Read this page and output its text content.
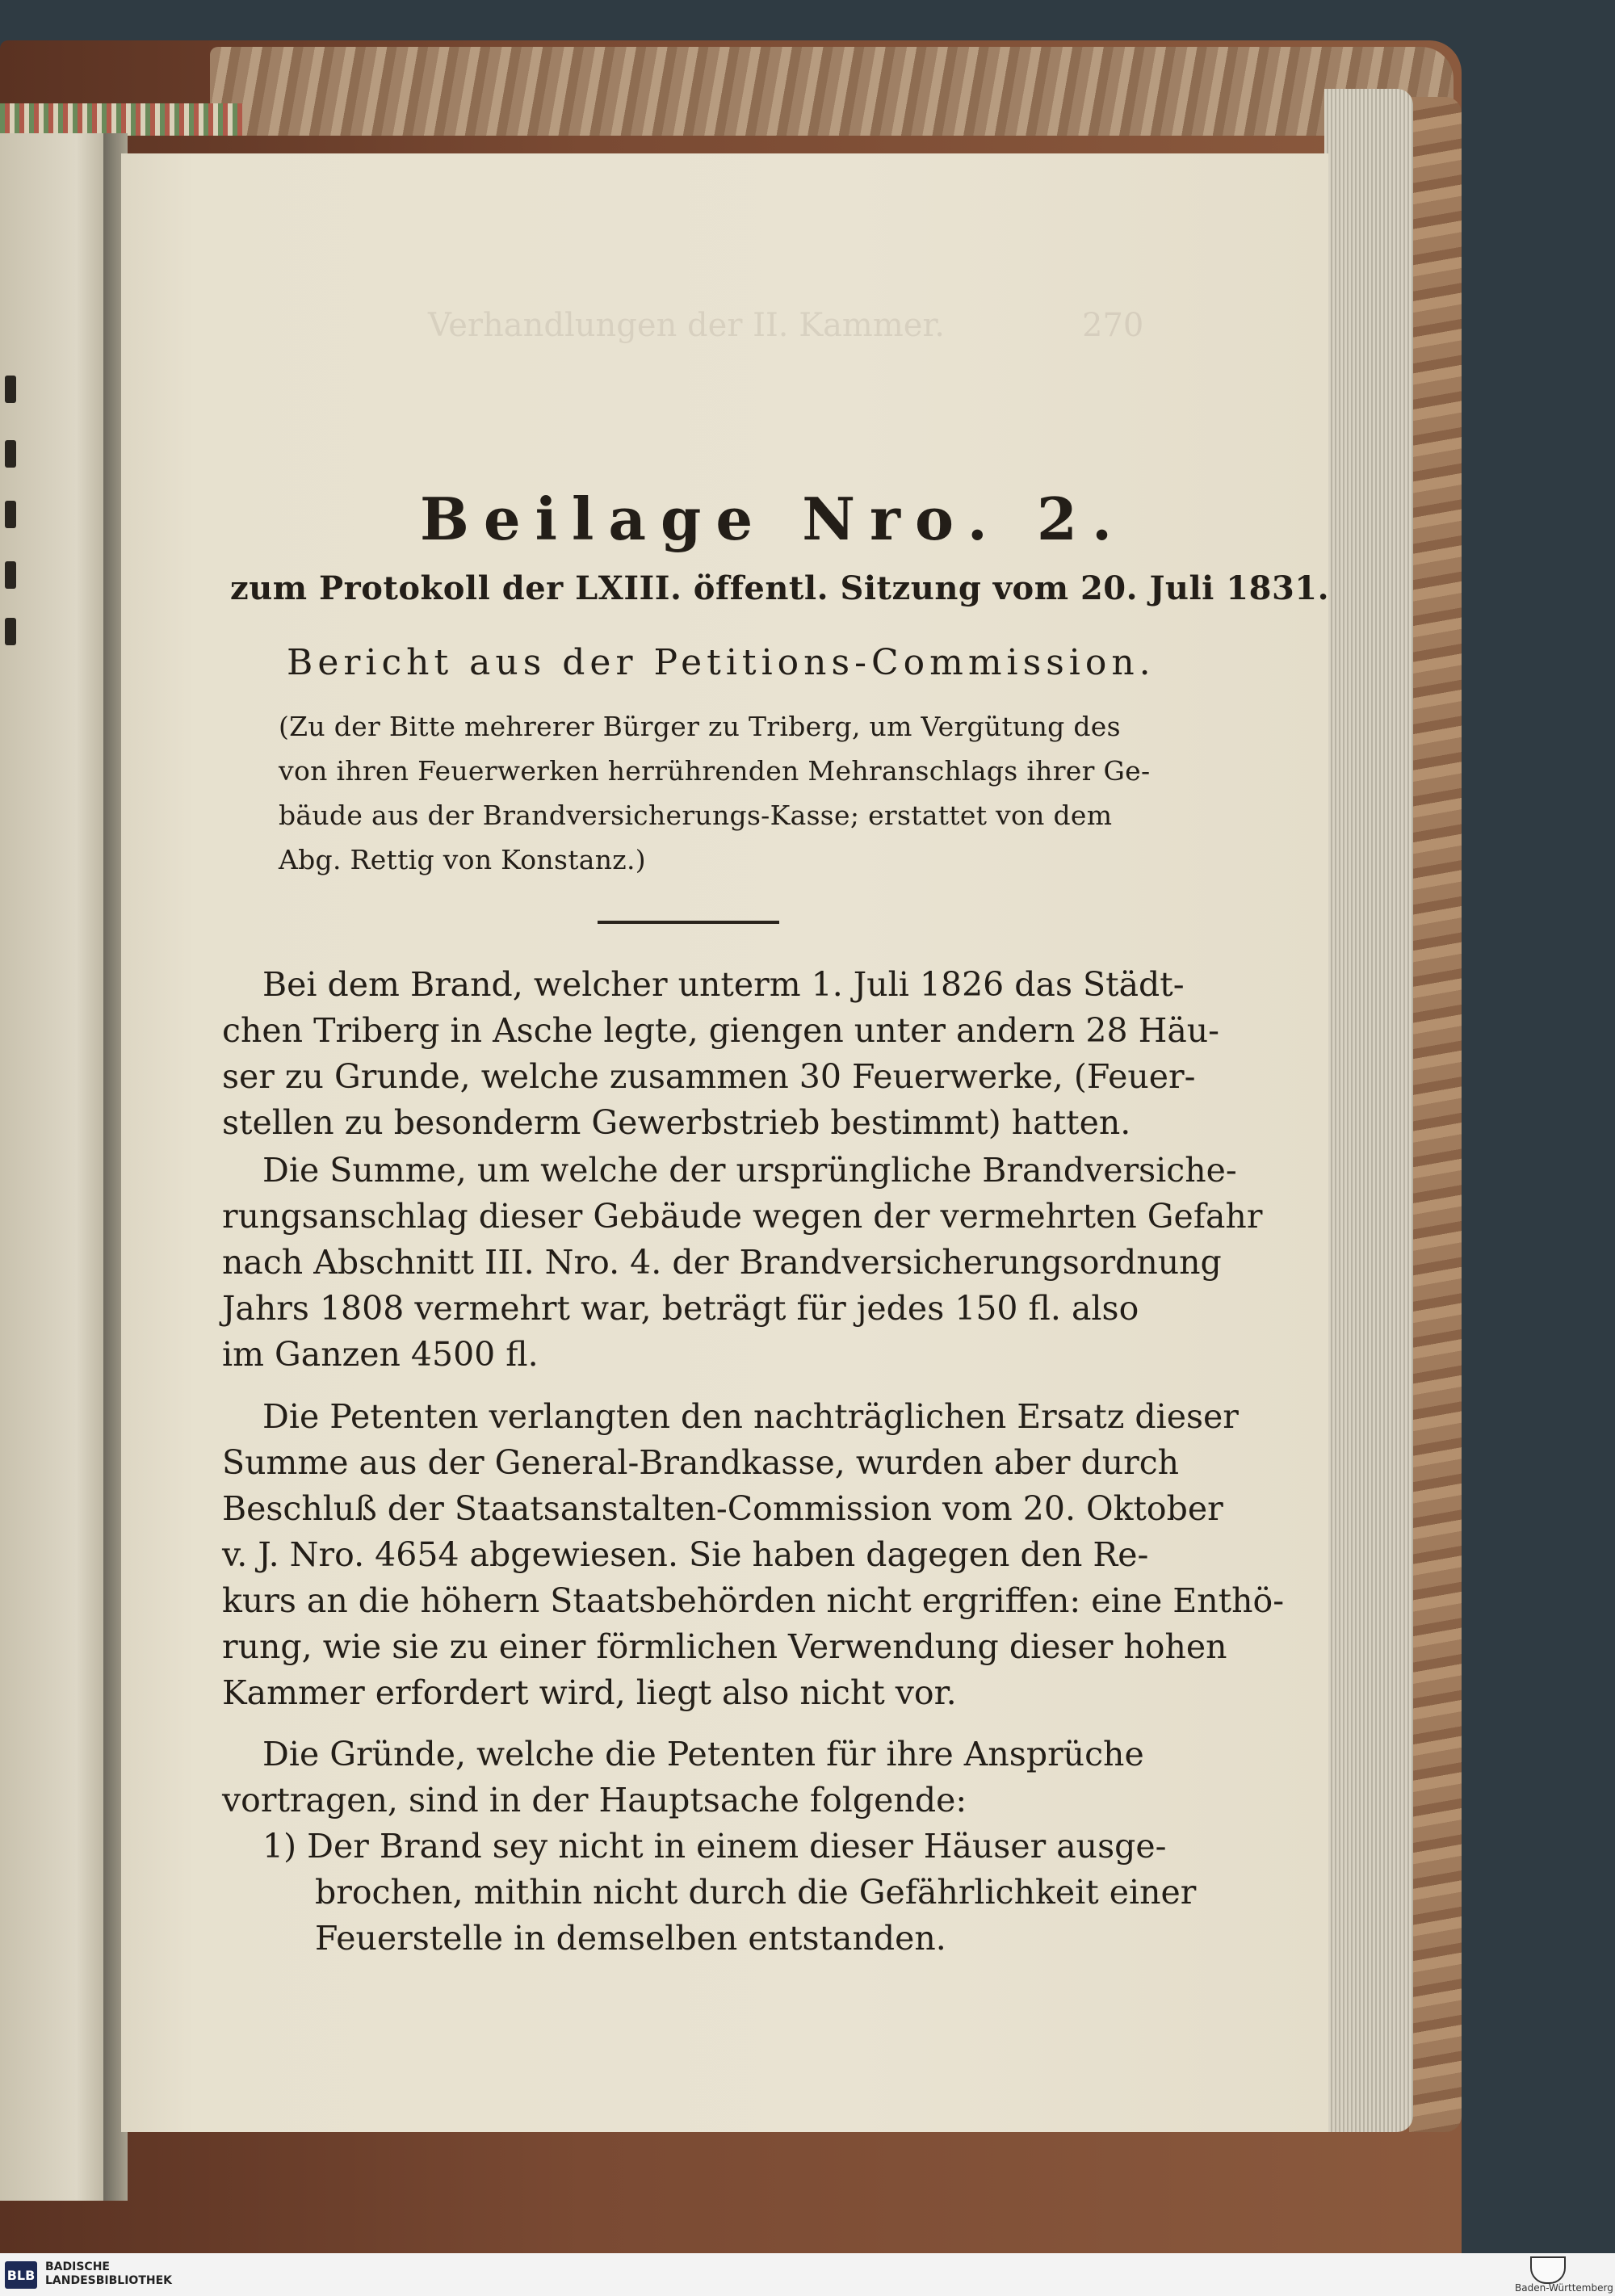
Beilage Nro. 2.
zum Protokoll der LXIII. öffentl. Sitzung vom 20. Juli 1831.
Bericht aus der Petitions-Commission.
(Zu der Bitte mehrerer Bürger zu Triberg, um Vergütung des
von ihren Feuerwerken herrührenden Mehranschlags ihrer Ge-
bäude aus der Brandversicherungs-Kasse; erstattet von dem
Abg. Rettig von Konstanz.)
Bei dem Brand, welcher unterm 1. Juli 1826 das Städt-
chen Triberg in Asche legte, giengen unter andern 28 Häu-
ser zu Grunde, welche zusammen 30 Feuerwerke, (Feuer-
stellen zu besonderm Gewerbstrieb bestimmt) hatten.
Die Summe, um welche der ursprüngliche Brandversiche-
rungsanschlag dieser Gebäude wegen der vermehrten Gefahr
nach Abschnitt III. Nro. 4. der Brandversicherungsordnung
Jahrs 1808 vermehrt war, beträgt für jedes 150 fl. also
im Ganzen 4500 fl.
Die Petenten verlangten den nachträglichen Ersatz dieser
Summe aus der General-Brandkasse, wurden aber durch
Beschluß der Staatsanstalten-Commission vom 20. Oktober
v. J. Nro. 4654 abgewiesen. Sie haben dagegen den Re-
kurs an die höhern Staatsbehörden nicht ergriffen: eine Enthö-
rung, wie sie zu einer förmlichen Verwendung dieser hohen
Kammer erfordert wird, liegt also nicht vor.
Die Gründe, welche die Petenten für ihre Ansprüche
vortragen, sind in der Hauptsache folgende:
1) Der Brand sey nicht in einem dieser Häuser ausge-
brochen, mithin nicht durch die Gefährlichkeit einer
Feuerstelle in demselben entstanden.
BLB
BADISCHE
LANDESBIBLIOTHEK
Baden-Württemberg
